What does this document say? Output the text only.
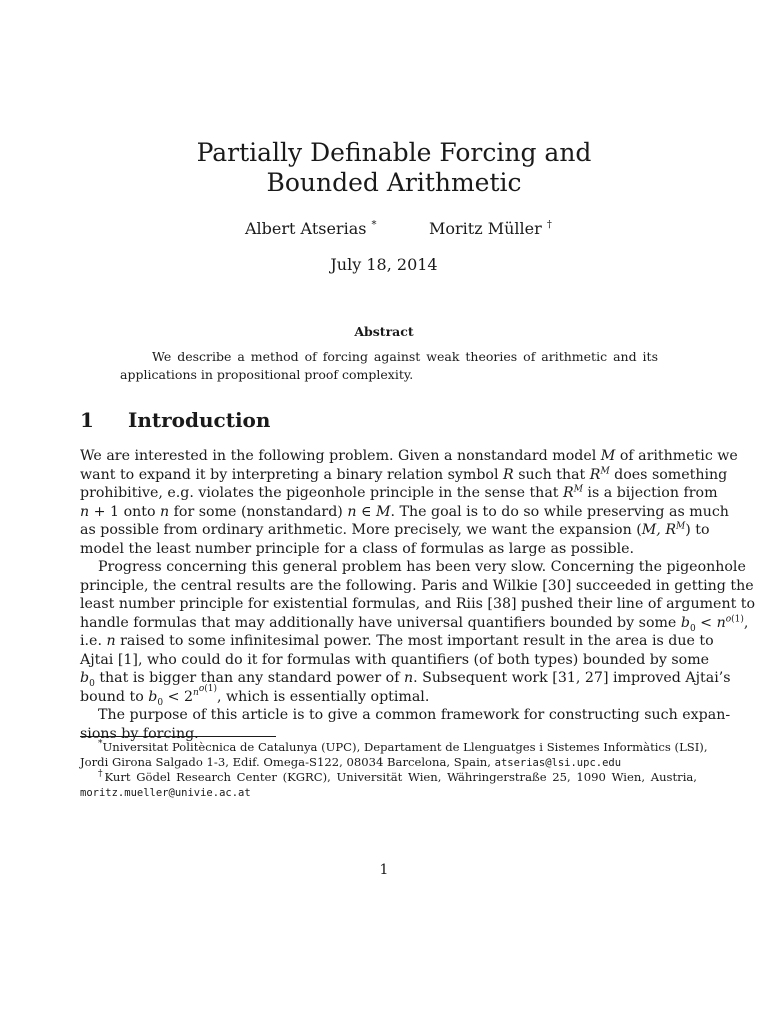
Partially Definable Forcing and
Bounded Arithmetic
Albert Atserias *	Moritz Müller †
July 18, 2014
Abstract
We describe a method of forcing against weak theories of arithmetic and its applications in propositional proof complexity.
1 Introduction
We are interested in the following problem. Given a nonstandard model M of arithmetic we
want to expand it by interpreting a binary relation symbol R such that $R^M$ does something
prohibitive, e.g. violates the pigeonhole principle in the sense that $R^M$ is a bijection from
n + 1 onto n for some (nonstandard) n ∈ M. The goal is to do so while preserving as much
as possible from ordinary arithmetic. More precisely, we want the expansion (M, $R^M$) to
model the least number principle for a class of formulas as large as possible.
Progress concerning this general problem has been very slow. Concerning the pigeonhole
principle, the central results are the following. Paris and Wilkie [30] succeeded in getting the
least number principle for existential formulas, and Riis [38] pushed their line of argument to
handle formulas that may additionally have universal quantifiers bounded by some $b_0 < n^{o(1)}$,
i.e. n raised to some infinitesimal power. The most important result in the area is due to
Ajtai [1], who could do it for formulas with quantifiers (of both types) bounded by some
$b_0$ that is bigger than any standard power of n. Subsequent work [31, 27] improved Ajtai’s
bound to $b_0 < 2^{n^{o(1)}}$, which is essentially optimal.
The purpose of this article is to give a common framework for constructing such expan-
sions by forcing.
*Universitat Politècnica de Catalunya (UPC), Departament de Llenguatges i Sistemes Informàtics (LSI),
Jordi Girona Salgado 1-3, Edif. Omega-S122, 08034 Barcelona, Spain, atserias@lsi.upc.edu
†Kurt Gödel Research Center (KGRC), Universität Wien, Währingerstraße 25, 1090 Wien, Austria,
moritz.mueller@univie.ac.at
1
